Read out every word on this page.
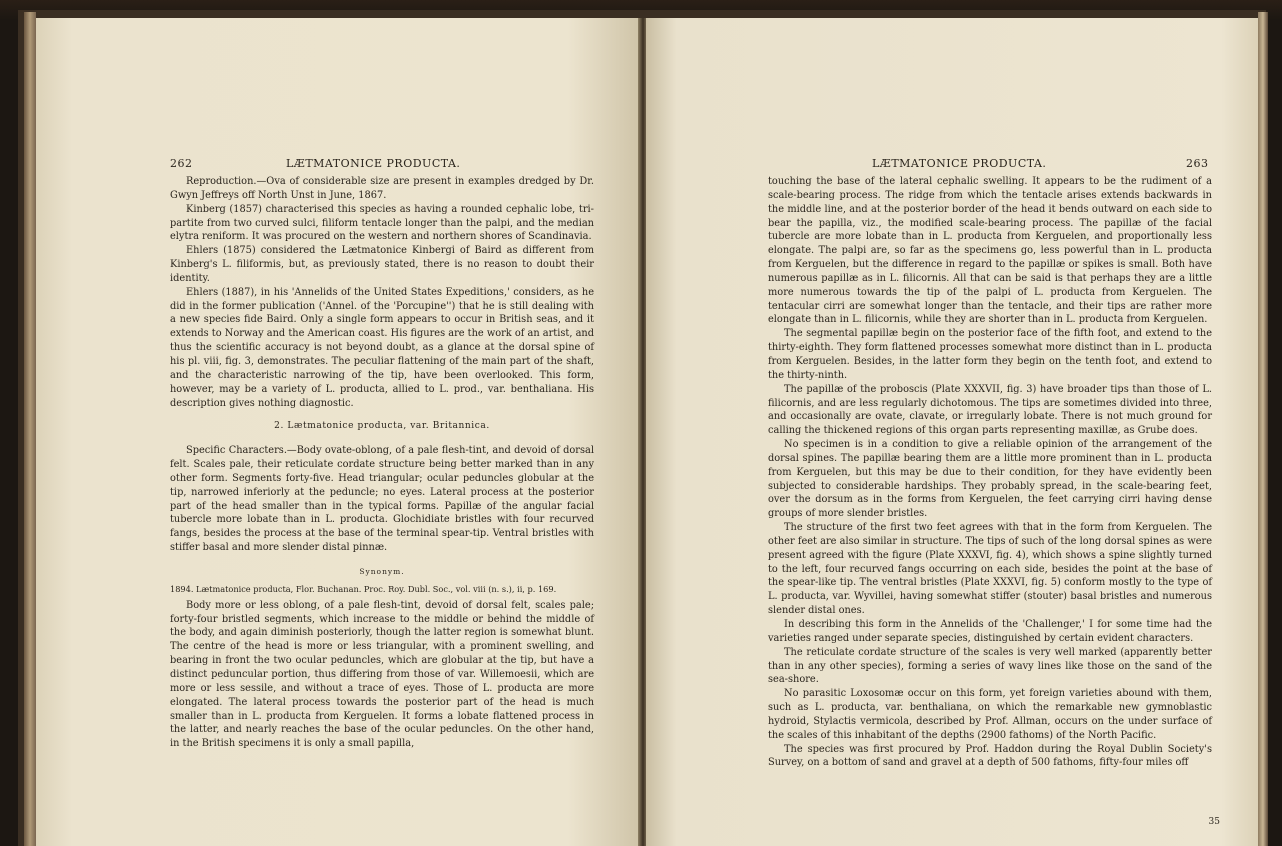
262	LÆTMATONICE PRODUCTA.

Reproduction.—Ova of considerable size are present in examples dredged by Dr. Gwyn Jeffreys off North Unst in June, 1867.

Kinberg (1857) characterised this species as having a rounded cephalic lobe, tri-partite from two curved sulci, filiform tentacle longer than the palpi, and the median elytra reniform. It was procured on the western and northern shores of Scandinavia.

Ehlers (1875) considered the Lætmatonice Kinbergi of Baird as different from Kinberg's L. filiformis, but, as previously stated, there is no reason to doubt their identity.

Ehlers (1887), in his 'Annelids of the United States Expeditions,' considers, as he did in the former publication ('Annel. of the 'Porcupine'') that he is still dealing with a new species fide Baird. Only a single form appears to occur in British seas, and it extends to Norway and the American coast. His figures are the work of an artist, and thus the scientific accuracy is not beyond doubt, as a glance at the dorsal spine of his pl. viii, fig. 3, demonstrates. The peculiar flattening of the main part of the shaft, and the characteristic narrowing of the tip, have been overlooked. This form, however, may be a variety of L. producta, allied to L. prod., var. benthaliana. His description gives nothing diagnostic.

2. Lætmatonice producta, var. Britannica.

Specific Characters.—Body ovate-oblong, of a pale flesh-tint, and devoid of dorsal felt. Scales pale, their reticulate cordate structure being better marked than in any other form. Segments forty-five. Head triangular; ocular peduncles globular at the tip, narrowed inferiorly at the peduncle; no eyes. Lateral process at the posterior part of the head smaller than in the typical forms. Papillæ of the angular facial tubercle more lobate than in L. producta. Glochidiate bristles with four recurved fangs, besides the process at the base of the terminal spear-tip. Ventral bristles with stiffer basal and more slender distal pinnæ.

Synonym.

1894. Lætmatonice producta, Flor. Buchanan. Proc. Roy. Dubl. Soc., vol. viii (n. s.), ii, p. 169.

Body more or less oblong, of a pale flesh-tint, devoid of dorsal felt, scales pale; forty-four bristled segments, which increase to the middle or behind the middle of the body, and again diminish posteriorly, though the latter region is somewhat blunt. The centre of the head is more or less triangular, with a prominent swelling, and bearing in front the two ocular peduncles, which are globular at the tip, but have a distinct peduncular portion, thus differing from those of var. Willemoesii, which are more or less sessile, and without a trace of eyes. Those of L. producta are more elongated. The lateral process towards the posterior part of the head is much smaller than in L. producta from Kerguelen. It forms a lobate flattened process in the latter, and nearly reaches the base of the ocular peduncles. On the other hand, in the British specimens it is only a small papilla,

LÆTMATONICE PRODUCTA.	263

touching the base of the lateral cephalic swelling. It appears to be the rudiment of a scale-bearing process. The ridge from which the tentacle arises extends backwards in the middle line, and at the posterior border of the head it bends outward on each side to bear the papilla, viz., the modified scale-bearing process. The papillæ of the facial tubercle are more lobate than in L. producta from Kerguelen, and proportionally less elongate. The palpi are, so far as the specimens go, less powerful than in L. producta from Kerguelen, but the difference in regard to the papillæ or spikes is small. Both have numerous papillæ as in L. filicornis. All that can be said is that perhaps they are a little more numerous towards the tip of the palpi of L. producta from Kerguelen. The tentacular cirri are somewhat longer than the tentacle, and their tips are rather more elongate than in L. filicornis, while they are shorter than in L. producta from Kerguelen.

The segmental papillæ begin on the posterior face of the fifth foot, and extend to the thirty-eighth. They form flattened processes somewhat more distinct than in L. producta from Kerguelen. Besides, in the latter form they begin on the tenth foot, and extend to the thirty-ninth.

The papillæ of the proboscis (Plate XXXVII, fig. 3) have broader tips than those of L. filicornis, and are less regularly dichotomous. The tips are sometimes divided into three, and occasionally are ovate, clavate, or irregularly lobate. There is not much ground for calling the thickened regions of this organ parts representing maxillæ, as Grube does.

No specimen is in a condition to give a reliable opinion of the arrangement of the dorsal spines. The papillæ bearing them are a little more prominent than in L. producta from Kerguelen, but this may be due to their condition, for they have evidently been subjected to considerable hardships. They probably spread, in the scale-bearing feet, over the dorsum as in the forms from Kerguelen, the feet carrying cirri having dense groups of more slender bristles.

The structure of the first two feet agrees with that in the form from Kerguelen. The other feet are also similar in structure. The tips of such of the long dorsal spines as were present agreed with the figure (Plate XXXVI, fig. 4), which shows a spine slightly turned to the left, four recurved fangs occurring on each side, besides the point at the base of the spear-like tip. The ventral bristles (Plate XXXVI, fig. 5) conform mostly to the type of L. producta, var. Wyvillei, having somewhat stiffer (stouter) basal bristles and numerous slender distal ones.

In describing this form in the Annelids of the 'Challenger,' I for some time had the varieties ranged under separate species, distinguished by certain evident characters.

The reticulate cordate structure of the scales is very well marked (apparently better than in any other species), forming a series of wavy lines like those on the sand of the sea-shore.

No parasitic Loxosomæ occur on this form, yet foreign varieties abound with them, such as L. producta, var. benthaliana, on which the remarkable new gymnoblastic hydroid, Stylactis vermicola, described by Prof. Allman, occurs on the under surface of the scales of this inhabitant of the depths (2900 fathoms) of the North Pacific.

The species was first procured by Prof. Haddon during the Royal Dublin Society's Survey, on a bottom of sand and gravel at a depth of 500 fathoms, fifty-four miles off

35
